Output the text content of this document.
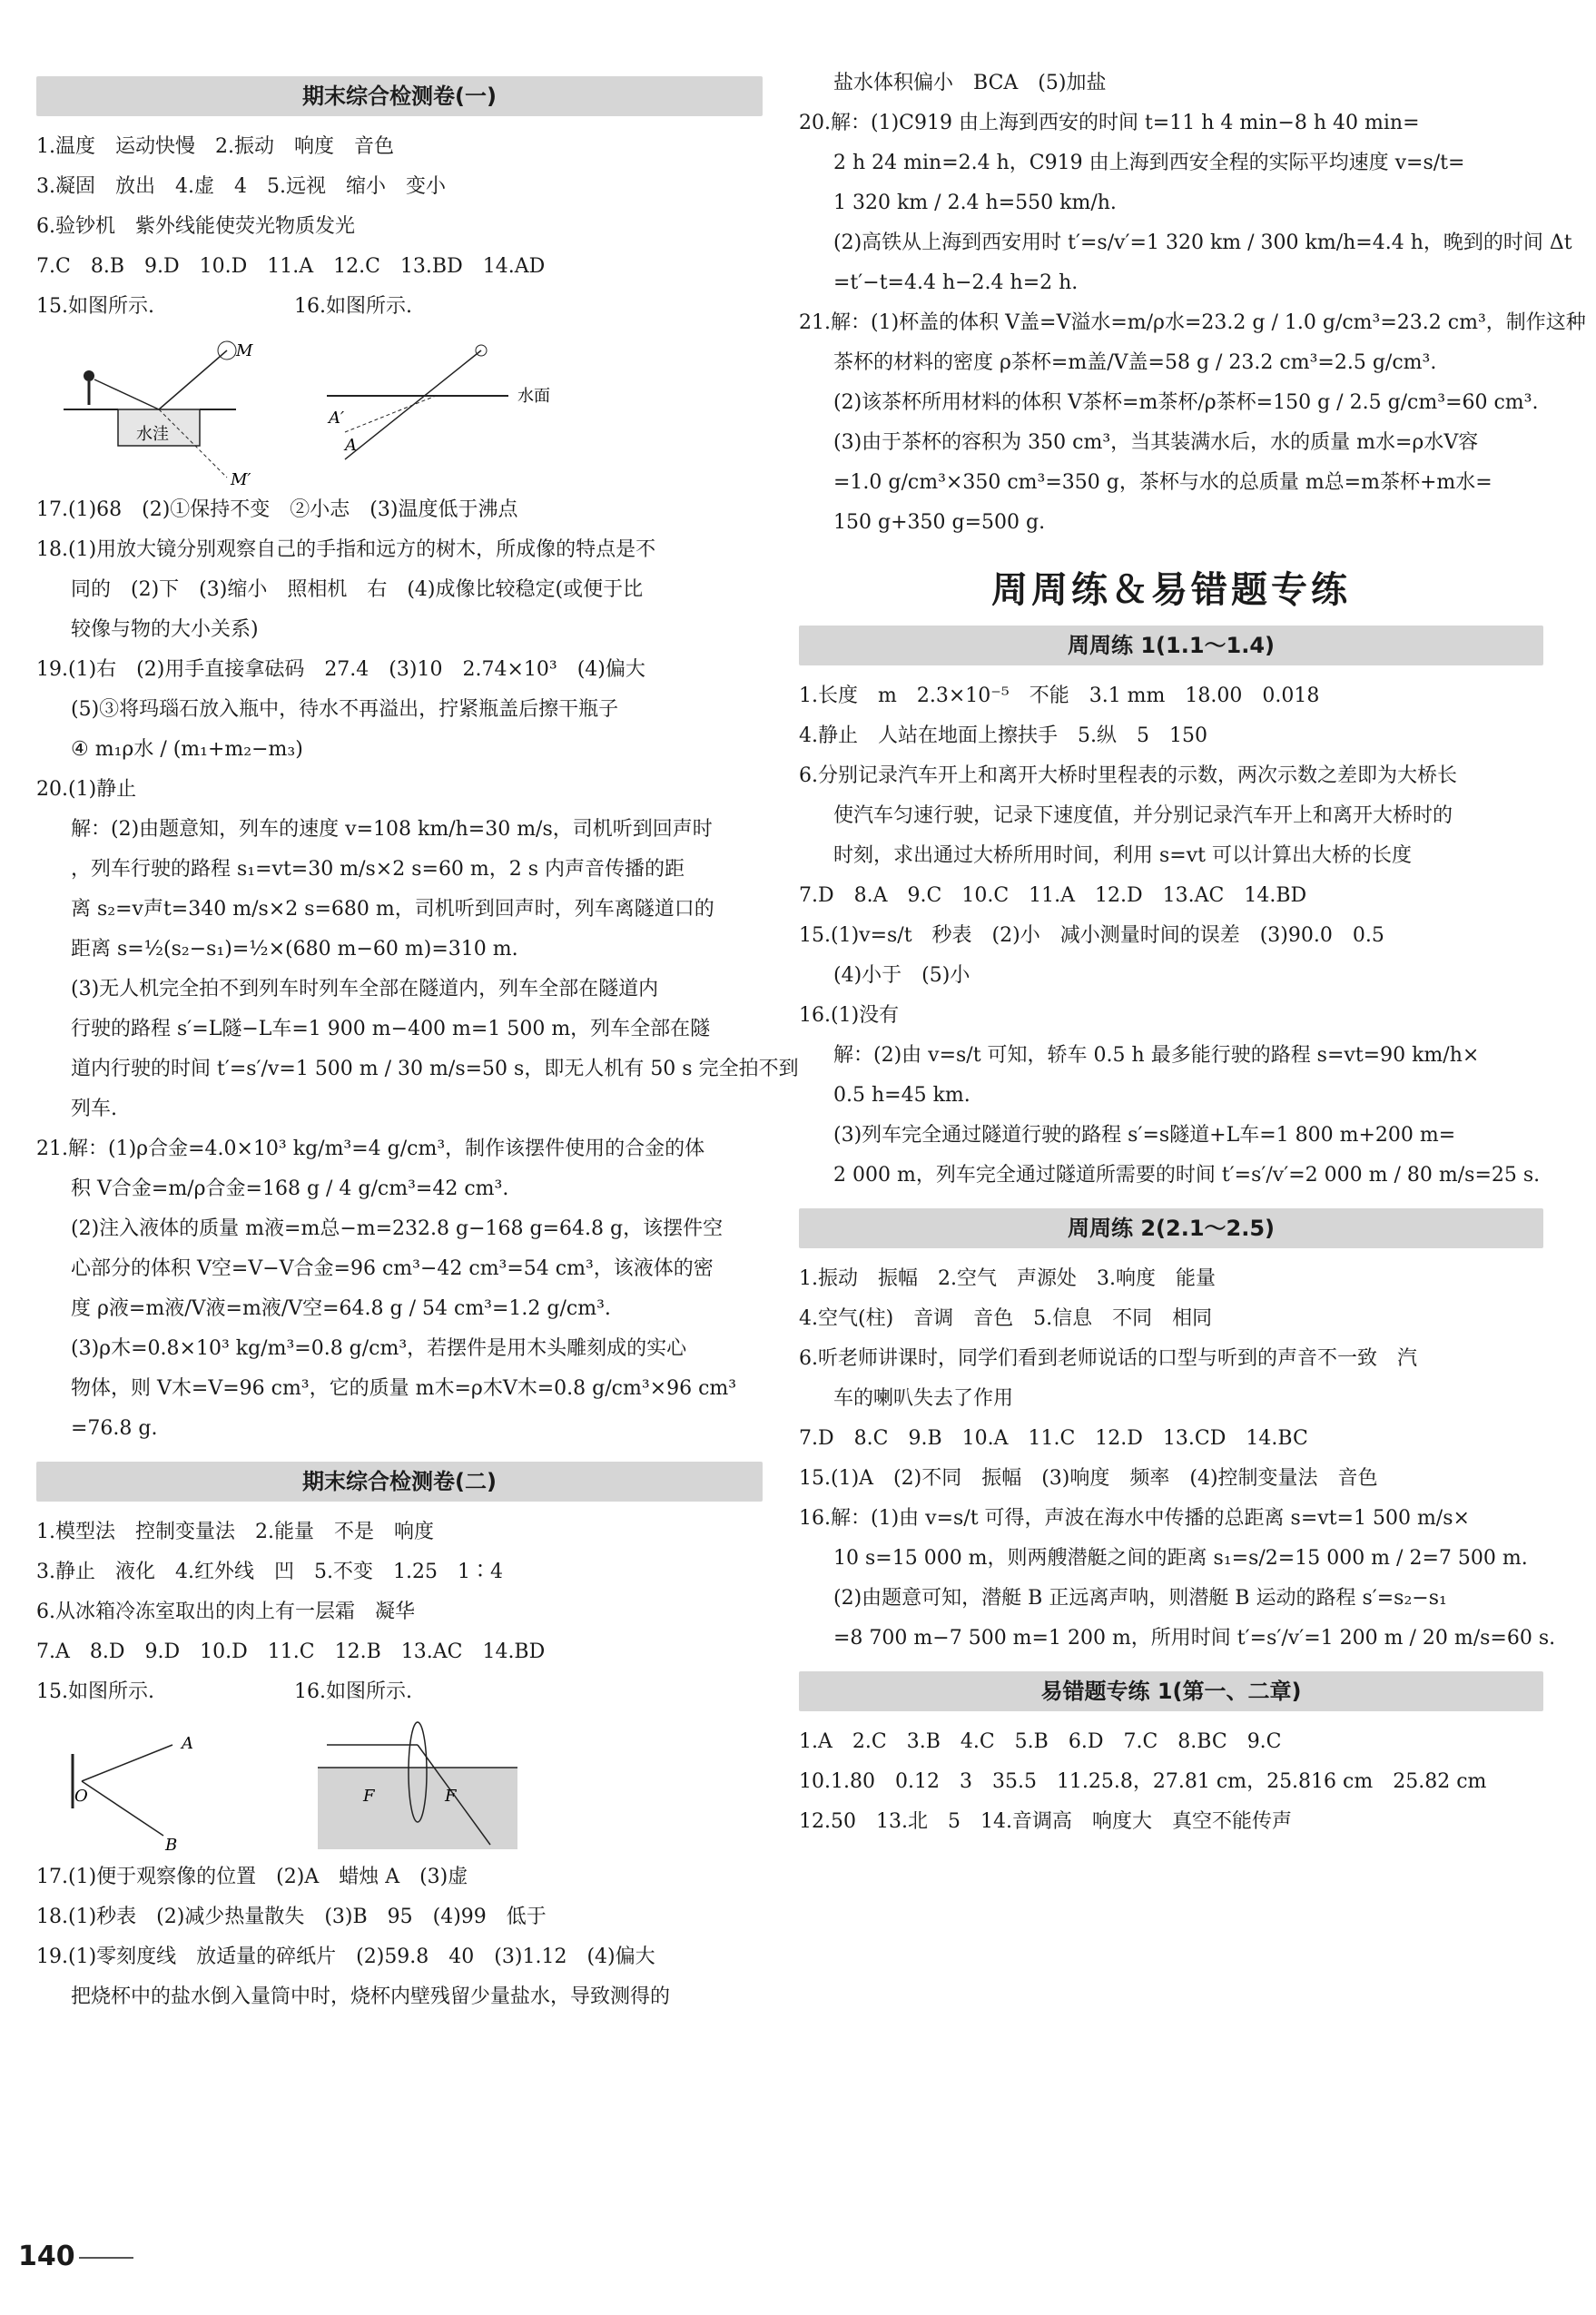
期末综合检测卷(一)
1.温度　运动快慢　2.振动　响度　音色
3.凝固　放出　4.虚　4　5.远视　缩小　变小
6.验钞机　紫外线能使荧光物质发光
7.C　8.B　9.D　10.D　11.A　12.C　13.BD　14.AD
15.如图所示.　　　　　　　16.如图所示.
M
M′
水洼
水面
A
A′
17.(1)68　(2)①保持不变　②小志　(3)温度低于沸点
18.(1)用放大镜分别观察自己的手指和远方的树木，所成像的特点是不
同的　(2)下　(3)缩小　照相机　右　(4)成像比较稳定(或便于比
较像与物的大小关系)
19.(1)右　(2)用手直接拿砝码　27.4　(3)10　2.74×10³　(4)偏大
(5)③将玛瑙石放入瓶中，待水不再溢出，拧紧瓶盖后擦干瓶子
④ m₁ρ水 / (m₁+m₂−m₃)
20.(1)静止
解：(2)由题意知，列车的速度 v=108 km/h=30 m/s，司机听到回声时
，列车行驶的路程 s₁=vt=30 m/s×2 s=60 m，2 s 内声音传播的距
离 s₂=v声t=340 m/s×2 s=680 m，司机听到回声时，列车离隧道口的
距离 s=½(s₂−s₁)=½×(680 m−60 m)=310 m.
(3)无人机完全拍不到列车时列车全部在隧道内，列车全部在隧道内
行驶的路程 s′=L隧−L车=1 900 m−400 m=1 500 m，列车全部在隧
道内行驶的时间 t′=s′/v=1 500 m / 30 m/s=50 s，即无人机有 50 s 完全拍不到
列车.
21.解：(1)ρ合金=4.0×10³ kg/m³=4 g/cm³，制作该摆件使用的合金的体
积 V合金=m/ρ合金=168 g / 4 g/cm³=42 cm³.
(2)注入液体的质量 m液=m总−m=232.8 g−168 g=64.8 g，该摆件空
心部分的体积 V空=V−V合金=96 cm³−42 cm³=54 cm³，该液体的密
度 ρ液=m液/V液=m液/V空=64.8 g / 54 cm³=1.2 g/cm³.
(3)ρ木=0.8×10³ kg/m³=0.8 g/cm³，若摆件是用木头雕刻成的实心
物体，则 V木=V=96 cm³，它的质量 m木=ρ木V木=0.8 g/cm³×96 cm³
=76.8 g.
期末综合检测卷(二)
1.模型法　控制变量法　2.能量　不是　响度
3.静止　液化　4.红外线　凹　5.不变　1.25　1∶4
6.从冰箱冷冻室取出的肉上有一层霜　凝华
7.A　8.D　9.D　10.D　11.C　12.B　13.AC　14.BD
15.如图所示.　　　　　　　16.如图所示.
A
O
B
F	F
17.(1)便于观察像的位置　(2)A　蜡烛 A　(3)虚
18.(1)秒表　(2)减少热量散失　(3)B　95　(4)99　低于
19.(1)零刻度线　放适量的碎纸片　(2)59.8　40　(3)1.12　(4)偏大
把烧杯中的盐水倒入量筒中时，烧杯内壁残留少量盐水，导致测得的
140
盐水体积偏小　BCA　(5)加盐
20.解：(1)C919 由上海到西安的时间 t=11 h 4 min−8 h 40 min=
2 h 24 min=2.4 h，C919 由上海到西安全程的实际平均速度 v=s/t=
1 320 km / 2.4 h=550 km/h.
(2)高铁从上海到西安用时 t′=s/v′=1 320 km / 300 km/h=4.4 h，晚到的时间 Δt
=t′−t=4.4 h−2.4 h=2 h.
21.解：(1)杯盖的体积 V盖=V溢水=m/ρ水=23.2 g / 1.0 g/cm³=23.2 cm³，制作这种
茶杯的材料的密度 ρ茶杯=m盖/V盖=58 g / 23.2 cm³=2.5 g/cm³.
(2)该茶杯所用材料的体积 V茶杯=m茶杯/ρ茶杯=150 g / 2.5 g/cm³=60 cm³.
(3)由于茶杯的容积为 350 cm³，当其装满水后，水的质量 m水=ρ水V容
=1.0 g/cm³×350 cm³=350 g，茶杯与水的总质量 m总=m茶杯+m水=
150 g+350 g=500 g.
周周练＆易错题专练
周周练 1(1.1～1.4)
1.长度　m　2.3×10⁻⁵　不能　3.1 mm　18.00　0.018
4.静止　人站在地面上擦扶手　5.纵　5　150
6.分别记录汽车开上和离开大桥时里程表的示数，两次示数之差即为大桥长
使汽车匀速行驶，记录下速度值，并分别记录汽车开上和离开大桥时的
时刻，求出通过大桥所用时间，利用 s=vt 可以计算出大桥的长度
7.D　8.A　9.C　10.C　11.A　12.D　13.AC　14.BD
15.(1)v=s/t　秒表　(2)小　减小测量时间的误差　(3)90.0　0.5
(4)小于　(5)小
16.(1)没有
解：(2)由 v=s/t 可知，轿车 0.5 h 最多能行驶的路程 s=vt=90 km/h×
0.5 h=45 km.
(3)列车完全通过隧道行驶的路程 s′=s隧道+L车=1 800 m+200 m=
2 000 m，列车完全通过隧道所需要的时间 t′=s′/v′=2 000 m / 80 m/s=25 s.
周周练 2(2.1～2.5)
1.振动　振幅　2.空气　声源处　3.响度　能量
4.空气(柱)　音调　音色　5.信息　不同　相同
6.听老师讲课时，同学们看到老师说话的口型与听到的声音不一致　汽
车的喇叭失去了作用
7.D　8.C　9.B　10.A　11.C　12.D　13.CD　14.BC
15.(1)A　(2)不同　振幅　(3)响度　频率　(4)控制变量法　音色
16.解：(1)由 v=s/t 可得，声波在海水中传播的总距离 s=vt=1 500 m/s×
10 s=15 000 m，则两艘潜艇之间的距离 s₁=s/2=15 000 m / 2=7 500 m.
(2)由题意可知，潜艇 B 正远离声呐，则潜艇 B 运动的路程 s′=s₂−s₁
=8 700 m−7 500 m=1 200 m，所用时间 t′=s′/v′=1 200 m / 20 m/s=60 s.
易错题专练 1(第一、二章)
1.A　2.C　3.B　4.C　5.B　6.D　7.C　8.BC　9.C
10.1.80　0.12　3　35.5　11.25.8，27.81 cm，25.816 cm　25.82 cm
12.50　13.北　5　14.音调高　响度大　真空不能传声
